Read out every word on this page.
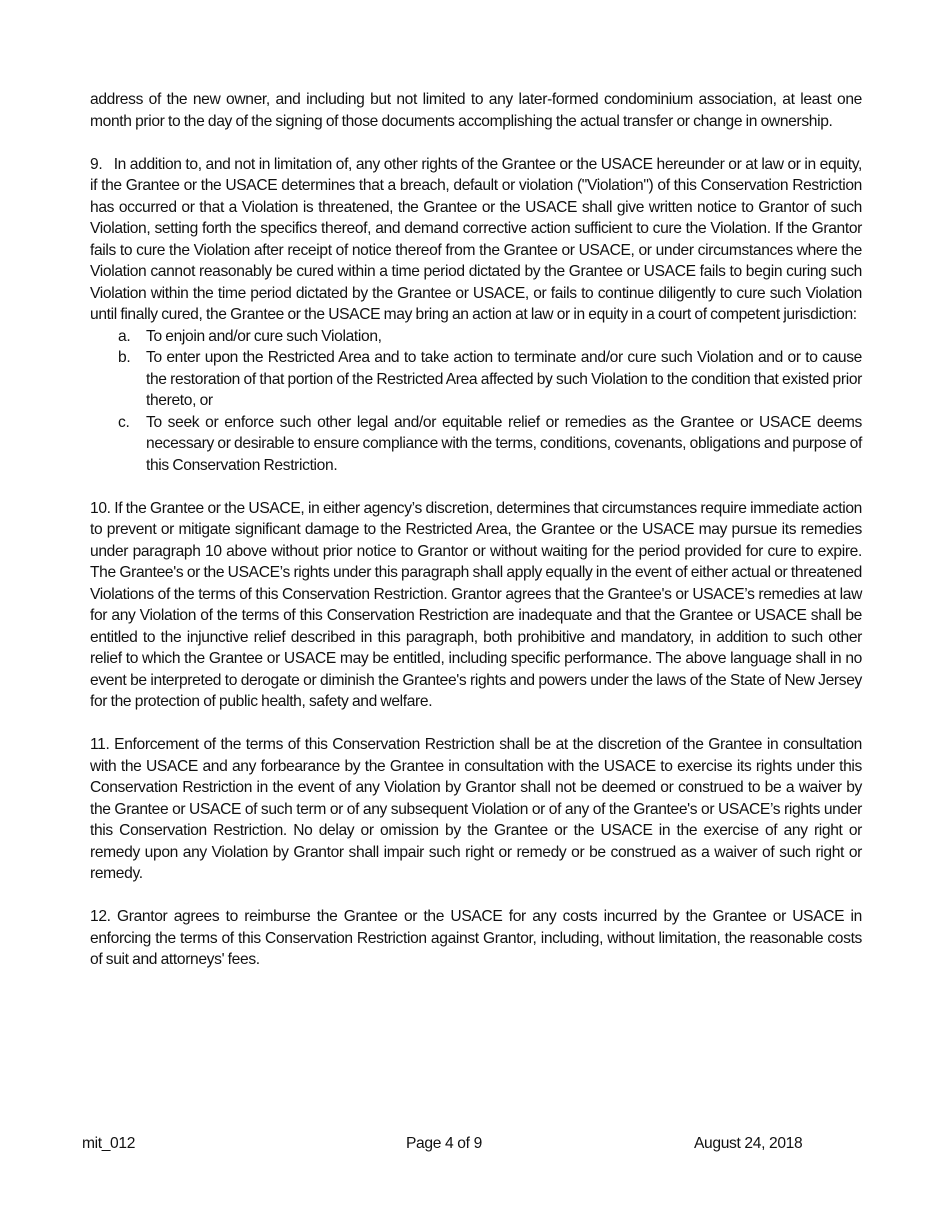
address of the new owner, and including but not limited to any later-formed condominium association, at least one month prior to the day of the signing of those documents accomplishing the actual transfer or change in ownership.

9.   In addition to, and not in limitation of, any other rights of the Grantee or the USACE hereunder or at law or in equity, if the Grantee or the USACE determines that a breach, default or violation ("Violation") of this Conservation Restriction has occurred or that a Violation is threatened, the Grantee or the USACE shall give written notice to Grantor of such Violation, setting forth the specifics thereof, and demand corrective action sufficient to cure the Violation. If the Grantor fails to cure the Violation after receipt of notice thereof from the Grantee or USACE, or under circumstances where the Violation cannot reasonably be cured within a time period dictated by the Grantee or USACE fails to begin curing such Violation within the time period dictated by the Grantee or USACE, or fails to continue diligently to cure such Violation until finally cured, the Grantee or the USACE may bring an action at law or in equity in a court of competent jurisdiction:

a. To enjoin and/or cure such Violation,
b. To enter upon the Restricted Area and to take action to terminate and/or cure such Violation and or to cause the restoration of that portion of the Restricted Area affected by such Violation to the condition that existed prior thereto, or
c. To seek or enforce such other legal and/or equitable relief or remedies as the Grantee or USACE deems necessary or desirable to ensure compliance with the terms, conditions, covenants, obligations and purpose of this Conservation Restriction.

10. If the Grantee or the USACE, in either agency’s discretion, determines that circumstances require immediate action to prevent or mitigate significant damage to the Restricted Area, the Grantee or the USACE may pursue its remedies under paragraph 10 above without prior notice to Grantor or without waiting for the period provided for cure to expire. The Grantee's or the USACE’s rights under this paragraph shall apply equally in the event of either actual or threatened Violations of the terms of this Conservation Restriction. Grantor agrees that the Grantee's or USACE’s remedies at law for any Violation of the terms of this Conservation Restriction are inadequate and that the Grantee or USACE shall be entitled to the injunctive relief described in this paragraph, both prohibitive and mandatory, in addition to such other relief to which the Grantee or USACE may be entitled, including specific performance. The above language shall in no event be interpreted to derogate or diminish the Grantee's rights and powers under the laws of the State of New Jersey for the protection of public health, safety and welfare.

11. Enforcement of the terms of this Conservation Restriction shall be at the discretion of the Grantee in consultation with the USACE and any forbearance by the Grantee in consultation with the USACE to exercise its rights under this Conservation Restriction in the event of any Violation by Grantor shall not be deemed or construed to be a waiver by the Grantee or USACE of such term or of any subsequent Violation or of any of the Grantee's or USACE’s rights under this Conservation Restriction. No delay or omission by the Grantee or the USACE in the exercise of any right or remedy upon any Violation by Grantor shall impair such right or remedy or be construed as a waiver of such right or remedy.

12. Grantor agrees to reimburse the Grantee or the USACE for any costs incurred by the Grantee or USACE in enforcing the terms of this Conservation Restriction against Grantor, including, without limitation, the reasonable costs of suit and attorneys' fees.

mit_012	Page 4 of 9	August 24, 2018
